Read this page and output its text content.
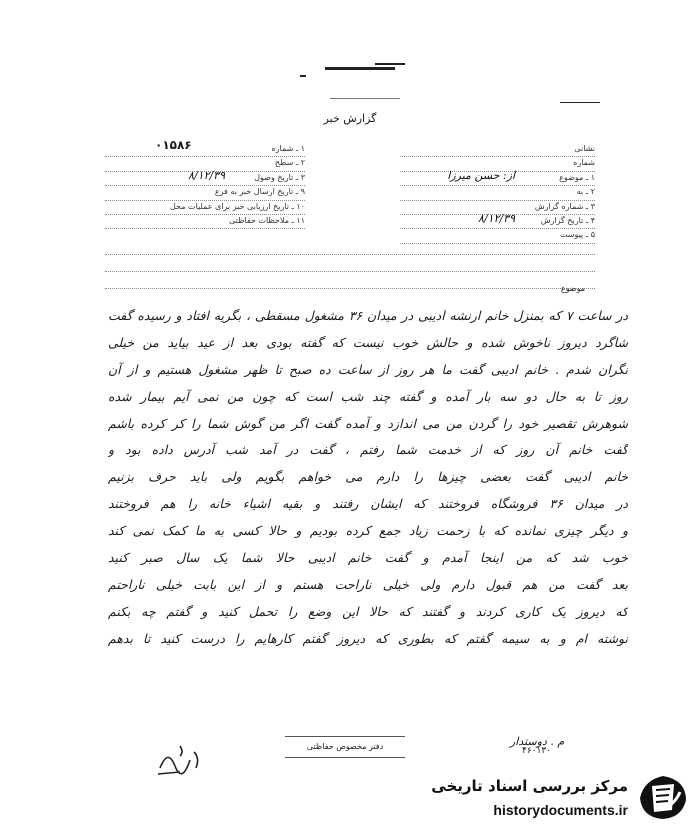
گزارش خبر
۰۱۵۸۶	۱ ـ شماره
۲ ـ سطح
۳ ـ تاریخ وصول
۸/۱۲/۳۹
۹ ـ تاریخ ارسال خبر به فرع
۱۰ ـ تاریخ ارزیابی خبر برای عملیات محل
۱۱ ـ ملاحظات حفاظتی
نشانی
شماره
۱ ـ موضوع
از: حسن میرزا
۲ ـ به
۳ ـ شماره گزارش
۴ ـ تاریخ گزارش
۸/۱۲/۳۹
۵ ـ پیوست
موضوع
در ساعت ۷ که بمنزل خانم ارنشه ادیبی در میدان ۳۶ مشغول مسقطی ، بگریه افتاد و رسیده گفت
شاگرد دیروز ناخوش شده و حالش خوب نیست که گفته بودی بعد از عید بیاید من خیلی
نگران شدم . خانم ادیبی گفت ما هر روز از ساعت ده صبح تا ظهر مشغول هستیم و از آن
روز تا به حال دو سه بار آمده و گفته چند شب است که چون من نمی آیم بیمار شده
شوهرش تقصیر خود را گردن من می اندازد و آمده گفت اگر من گوش شما را کر کرده باشم
گفت خانم آن روز که از خدمت شما رفتم ، گفت در آمد شب آدرس داده بود و
خانم ادیبی گفت بعضی چیزها را دارم می خواهم بگویم ولی باید حرف بزنیم
در میدان ۳۶ فروشگاه فروختند که ایشان رفتند و بقیه اشیاء خانه را هم فروختند
و دیگر چیزی نمانده که با زحمت زیاد جمع کرده بودیم و حالا کسی به ما کمک نمی کند
خوب شد که من اینجا آمدم و گفت خانم ادیبی حالا شما یک سال صبر کنید
بعد گفت من هم قبول دارم ولی خیلی ناراحت هستم و از این بابت خیلی ناراحتم
که دیروز یک کاری کردند و گفتند که حالا این وضع را تحمل کنید و گفتم چه بکنم
نوشته ام و به سیمه گفتم که بطوری که دیروز گفتم کارهایم را درست کنید تا بدهم
دفتر مخصوص حفاظتی	م . دوستدار
۴۶۰۱۳۰
مرکز بررسی اسناد تاریخی
historydocuments.ir
